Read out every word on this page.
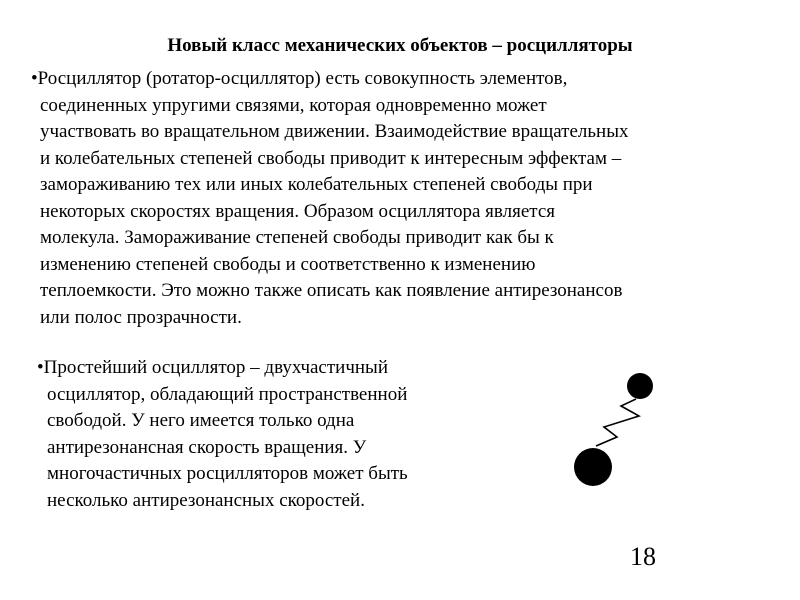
Новый класс механических объектов – росцилляторы
•Росциллятор (ротатор-осциллятор) есть совокупность элементов,
соединенных упругими связями, которая одновременно может
участвовать во вращательном движении. Взаимодействие вращательных
и колебательных степеней свободы приводит к интересным эффектам –
замораживанию тех или иных колебательных степеней свободы при
некоторых скоростях вращения. Образом осциллятора является
молекула. Замораживание степеней свободы приводит как бы к
изменению степеней свободы и соответственно к изменению
теплоемкости. Это можно также описать как появление антирезонансов
или полос прозрачности.
•Простейший осциллятор – двухчастичный
осциллятор, обладающий пространственной
свободой. У него имеется только одна
антирезонансная скорость вращения. У
многочастичных росцилляторов может быть
несколько антирезонансных скоростей.
18
